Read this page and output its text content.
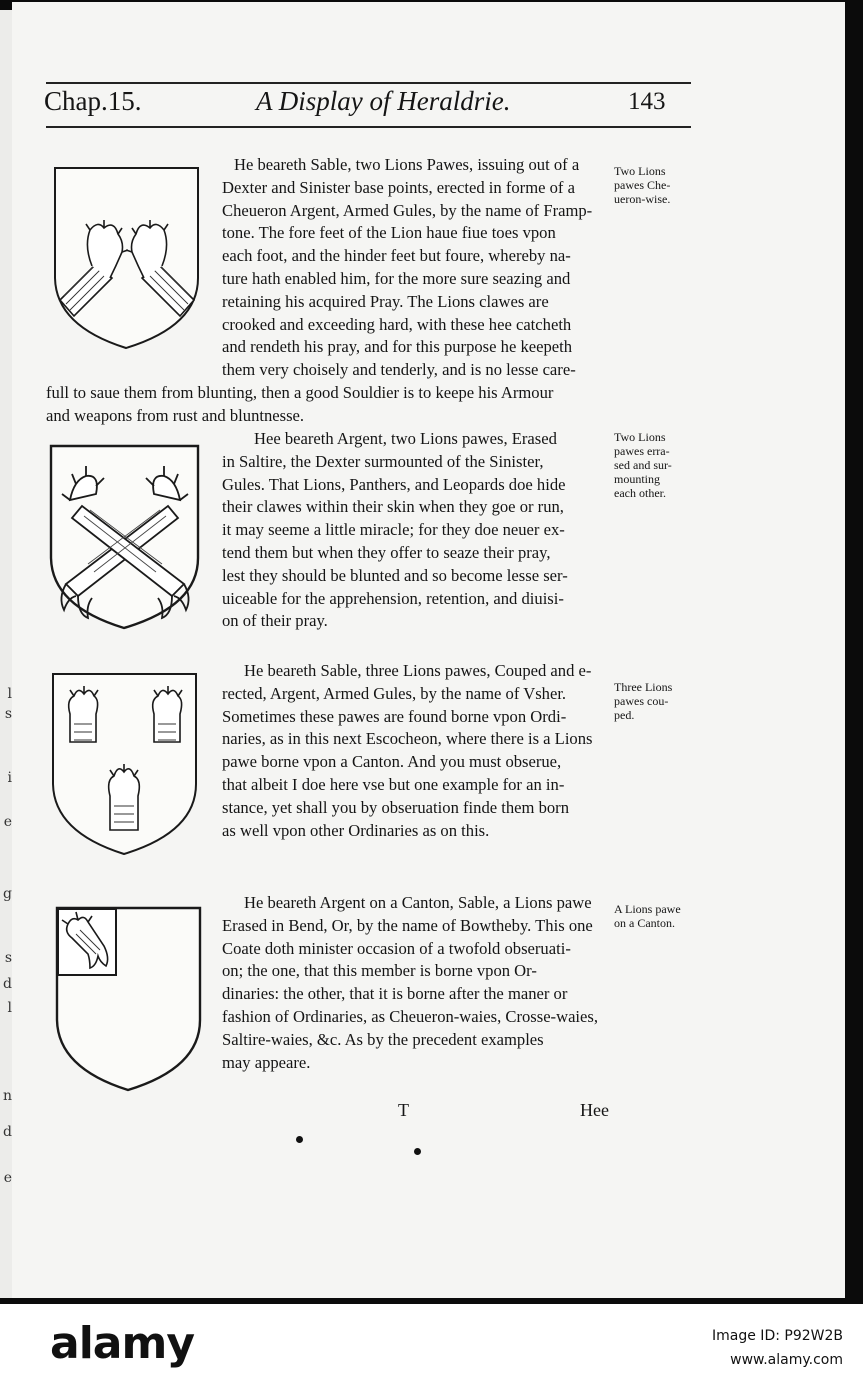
l
s
i
e
g
s
d
l
n
d
e
Chap.15.	A Display of Heraldrie.	143
He beareth Sable, two Lions Pawes, issuing out of a
Dexter and Sinister base points, erected in forme of a
Cheueron Argent, Armed Gules, by the name of Framp-
tone. The fore feet of the Lion haue fiue toes vpon
each foot, and the hinder feet but foure, whereby na-
ture hath enabled him, for the more sure seazing and
retaining his acquired Pray. The Lions clawes are
crooked and exceeding hard, with these hee catcheth
and rendeth his pray, and for this purpose he keepeth
them very choisely and tenderly, and is no lesse care-
full to saue them from blunting, then a good Souldier is to keepe his Armour
and weapons from rust and bluntnesse.
Two Lions
pawes Che-
ueron-wise.
Hee beareth Argent, two Lions pawes, Erased
in Saltire, the Dexter surmounted of the Sinister,
Gules. That Lions, Panthers, and Leopards doe hide
their clawes within their skin when they goe or run,
it may seeme a little miracle; for they doe neuer ex-
tend them but when they offer to seaze their pray,
lest they should be blunted and so become lesse ser-
uiceable for the apprehension, retention, and diuisi-
on of their pray.
Two Lions
pawes erra-
sed and sur-
mounting
each other.
He beareth Sable, three Lions pawes, Couped and e-
rected, Argent, Armed Gules, by the name of Vsher.
Sometimes these pawes are found borne vpon Ordi-
naries, as in this next Escocheon, where there is a Lions
pawe borne vpon a Canton. And you must obserue,
that albeit I doe here vse but one example for an in-
stance, yet shall you by obseruation finde them born
as well vpon other Ordinaries as on this.
Three Lions
pawes cou-
ped.
He beareth Argent on a Canton, Sable, a Lions pawe
Erased in Bend, Or, by the name of Bowtheby. This one
Coate doth minister occasion of a twofold obseruati-
on; the one, that this member is borne vpon Or-
dinaries: the other, that it is borne after the maner or
fashion of Ordinaries, as Cheueron-waies, Crosse-waies,
Saltire-waies, &c. As by the precedent examples
may appeare.
A Lions pawe
on a Canton.
T	Hee
alamy	Image ID: P92W2B
www.alamy.com
